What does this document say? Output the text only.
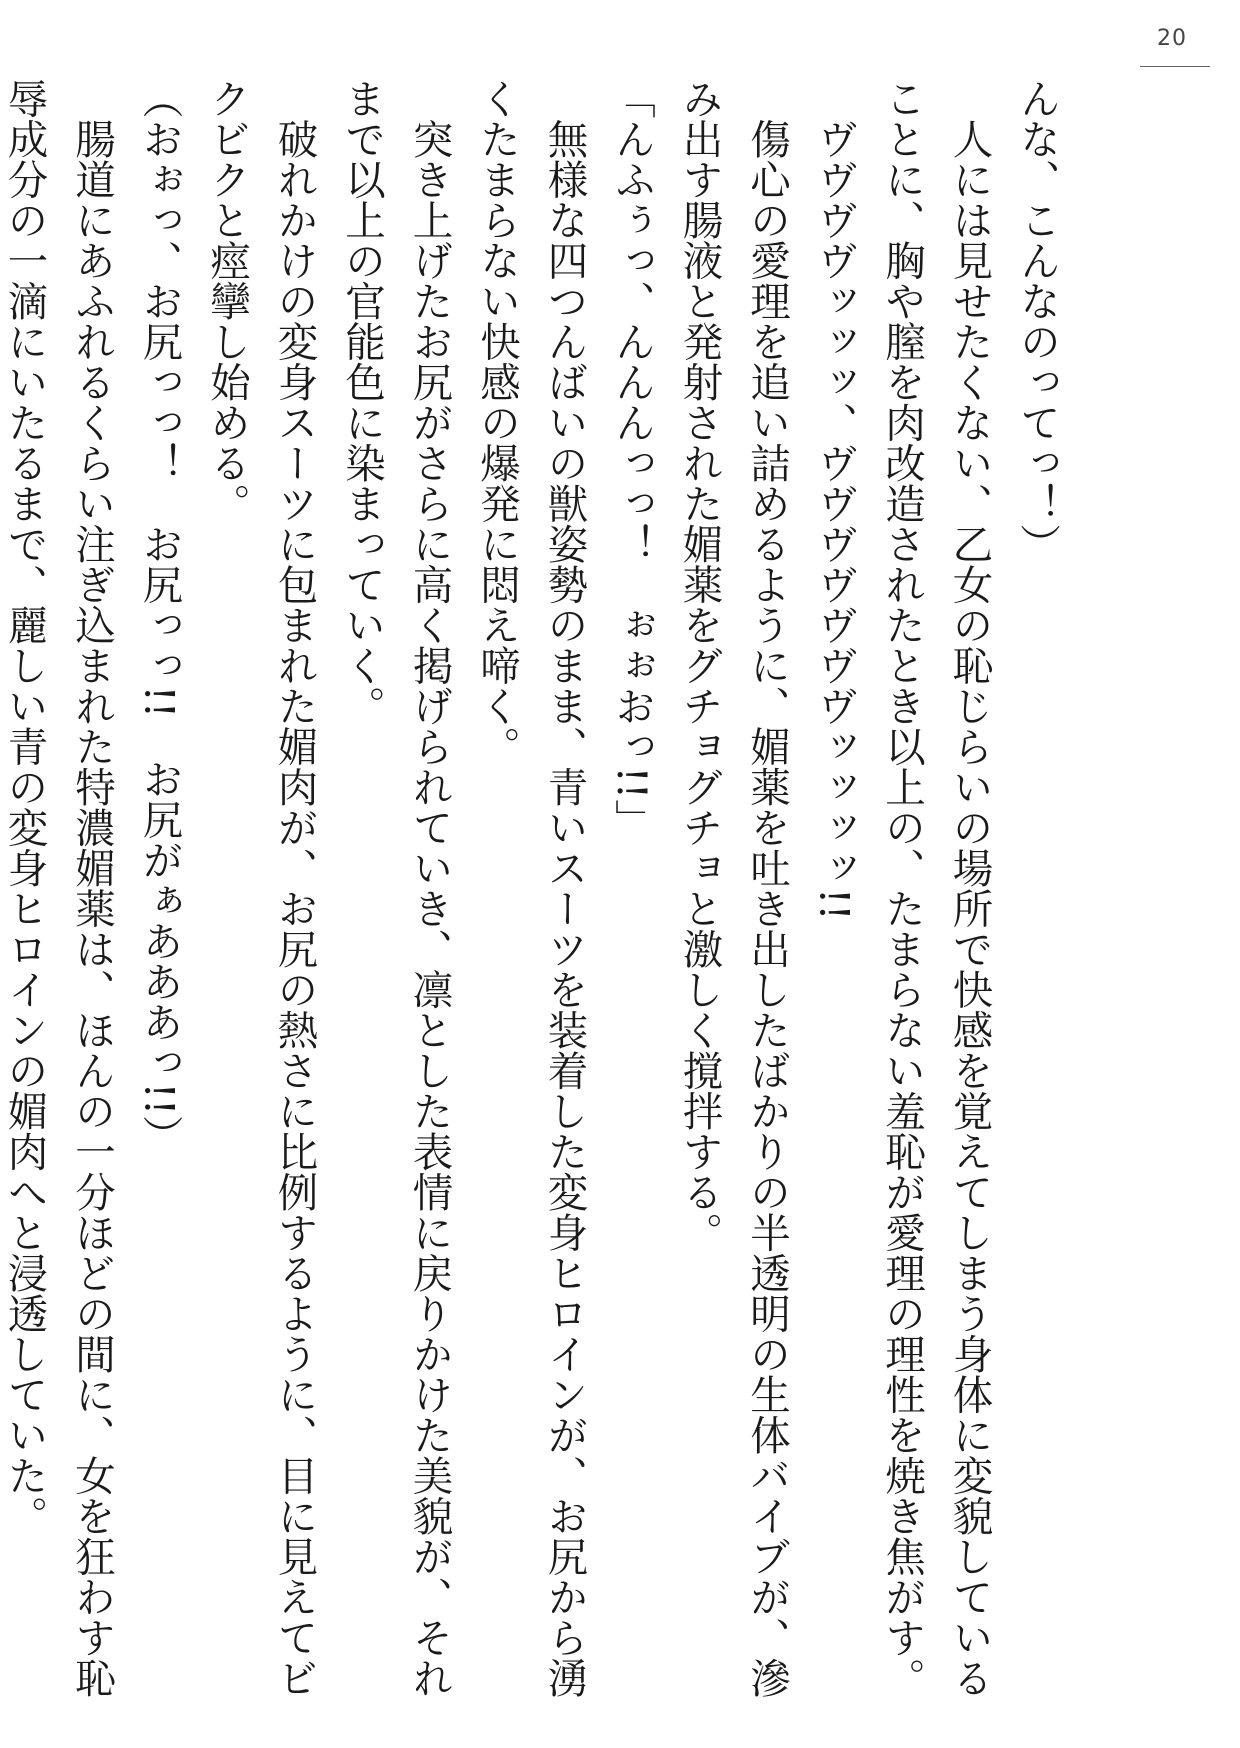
20
んな、こんなのってっ！）
　人には見せたくない、乙女の恥じらいの場所で快感を覚えてしまう身体に変貌している
ことに、胸や膣を肉改造されたとき以上の、たまらない羞恥が愛理の理性を焼き焦がす。
　ヴヴヴヴッッッ、ヴヴヴヴヴヴヴッッッッ!!
　傷心の愛理を追い詰めるように、媚薬を吐き出したばかりの半透明の生体バイブが、滲
み出す腸液と発射された媚薬をグチョグチョと激しく撹拌する。
「んふぅっ、んんんっっ！　ぉぉおっ!!」
　無様な四つんばいの獣姿勢のまま、青いスーツを装着した変身ヒロインが、お尻から湧
くたまらない快感の爆発に悶え啼く。
　突き上げたお尻がさらに高く掲げられていき、凛とした表情に戻りかけた美貌が、それ
まで以上の官能色に染まっていく。
　破れかけの変身スーツに包まれた媚肉が、お尻の熱さに比例するように、目に見えてビ
クビクと痙攣し始める。
（おぉっ、お尻っっ！　お尻っっ!!　お尻がぁあああっ!!）
　腸道にあふれるくらい注ぎ込まれた特濃媚薬は、ほんの一分ほどの間に、女を狂わす恥
辱成分の一滴にいたるまで、麗しい青の変身ヒロインの媚肉へと浸透していた。
